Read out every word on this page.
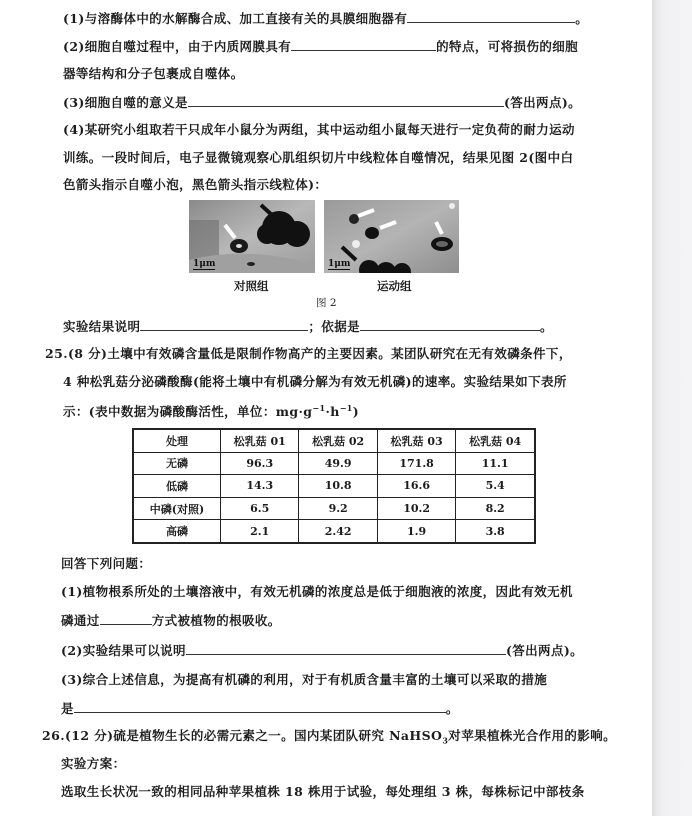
(1)与溶酶体中的水解酶合成、加工直接有关的具膜细胞器有	。
(2)细胞自噬过程中，由于内质网膜具有	的特点，可将损伤的细胞
器等结构和分子包裹成自噬体。
(3)细胞自噬的意义是	(答出两点)。
(4)某研究小组取若干只成年小鼠分为两组，其中运动组小鼠每天进行一定负荷的耐力运动
训练。一段时间后，电子显微镜观察心肌组织切片中线粒体自噬情况，结果见图 2(图中白
色箭头指示自噬小泡，黑色箭头指示线粒体)：
1μm	1μm
对照组	运动组
图 2
实验结果说明	；依据是	。
25.(8 分)土壤中有效磷含量低是限制作物高产的主要因素。某团队研究在无有效磷条件下，
4 种松乳菇分泌磷酸酶(能将土壤中有机磷分解为有效无机磷)的速率。实验结果如下表所
示：(表中数据为磷酸酶活性，单位：$mg\cdot g^{-1}\cdot h^{-1}$)
处理	松乳菇 01	松乳菇 02	松乳菇 03	松乳菇 04
无磷	96.3	49.9	171.8	11.1
低磷	14.3	10.8	16.6	5.4
中磷(对照)	6.5	9.2	10.2	8.2
高磷	2.1	2.42	1.9	3.8
回答下列问题：
(1)植物根系所处的土壤溶液中，有效无机磷的浓度总是低于细胞液的浓度，因此有效无机
磷通过	方式被植物的根吸收。
(2)实验结果可以说明	(答出两点)。
(3)综合上述信息，为提高有机磷的利用，对于有机质含量丰富的土壤可以采取的措施
是	。
26.(12 分)硫是植物生长的必需元素之一。国内某团队研究 NaHSO$_3$对苹果植株光合作用的影响。
实验方案：
选取生长状况一致的相同品种苹果植株 18 株用于试验，每处理组 3 株，每株标记中部枝条
